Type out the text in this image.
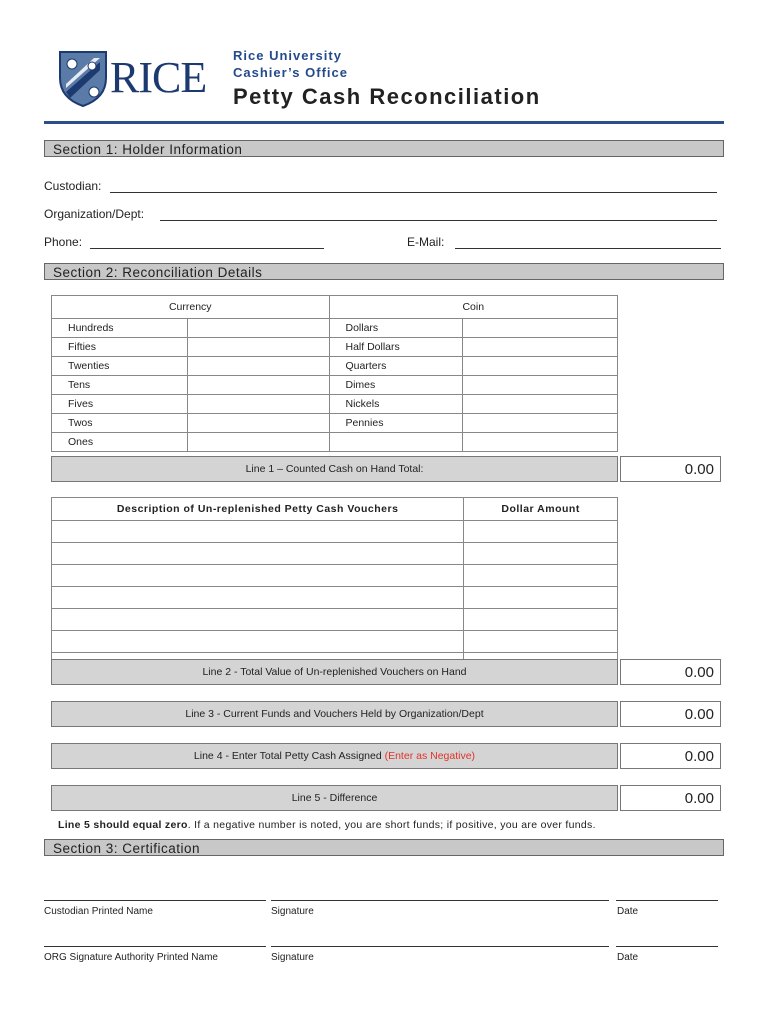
RICE Rice University
Cashier’s Office
Petty Cash Reconciliation
Section 1: Holder Information
Custodian:
Organization/Dept:
Phone:	E-Mail:
Section 2: Reconciliation Details
Currency		Coin	
Hundreds		Dollars	
Fifties		Half Dollars	
Twenties		Quarters	
Tens		Dimes	
Fives		Nickels	
Twos		Pennies	
Ones			
Line 1 – Counted Cash on Hand Total:	0.00
Description of Un-replenished Petty Cash Vouchers	Dollar Amount

Line 2 - Total Value of Un-replenished Vouchers on Hand	0.00
Line 3 - Current Funds and Vouchers Held by Organization/Dept	0.00
Line 4 - Enter Total Petty Cash Assigned (Enter as Negative)	0.00
Line 5 - Difference	0.00
Line 5 should equal zero. If a negative number is noted, you are short funds; if positive, you are over funds.
Section 3: Certification
Custodian Printed Name	Signature	Date
ORG Signature Authority Printed Name	Signature	Date
